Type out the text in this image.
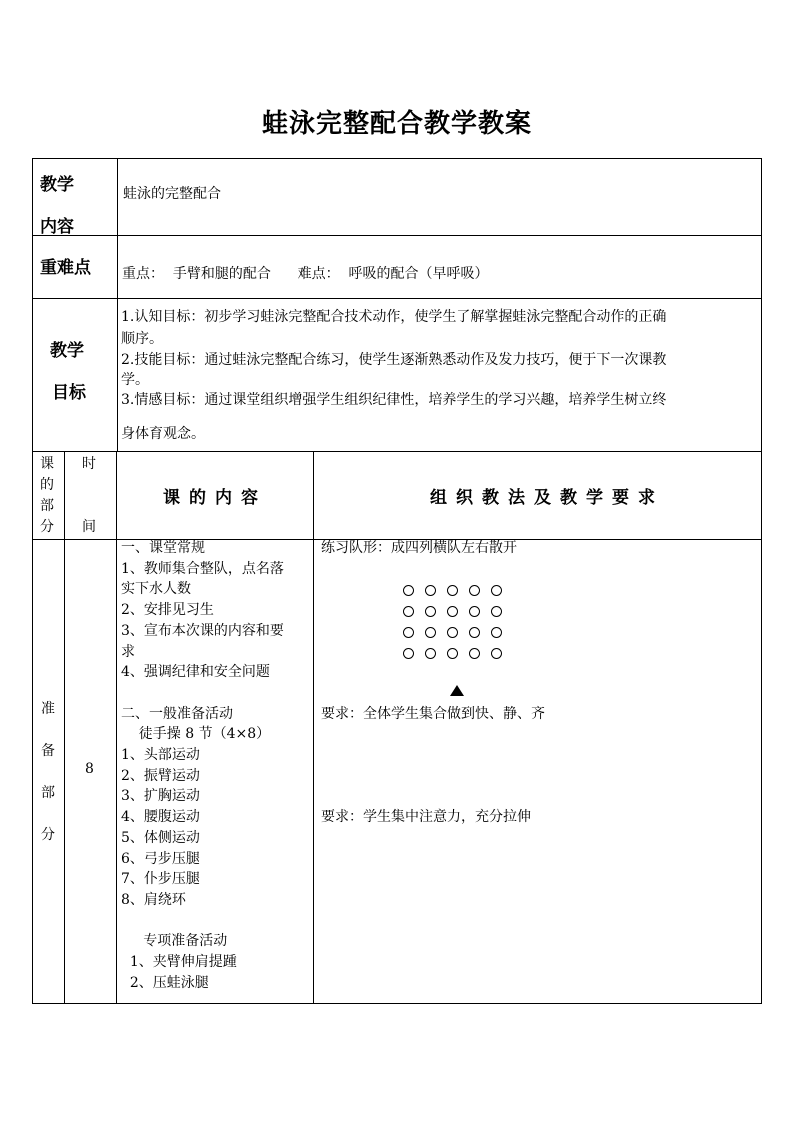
蛙泳完整配合教学教案
教学
内容
蛙泳的完整配合
重难点 重点：  手臂和腿的配合      难点：  呼吸的配合（早呼吸）
教学
目标
1.认知目标：初步学习蛙泳完整配合技术动作，使学生了解掌握蛙泳完整配合动作的正确
顺序。
2.技能目标：通过蛙泳完整配合练习，使学生逐渐熟悉动作及发力技巧，便于下一次课教
学。
3.情感目标：通过课堂组织增强学生组织纪律性，培养学生的学习兴趣，培养学生树立终
身体育观念。
课
的
部
分
时
间
课的内容	组织教法及教学要求
准
备
部
分
8
一、课堂常规
1、教师集合整队，点名落
实下水人数
2、安排见习生
3、宣布本次课的内容和要
求
4、强调纪律和安全问题
二、一般准备活动
徒手操 8 节（4×8）
1、头部运动
2、振臂运动
3、扩胸运动
4、腰腹运动
5、体侧运动
6、弓步压腿
7、仆步压腿
8、肩绕环
专项准备活动
1、夹臂伸肩提踵
2、压蛙泳腿
练习队形：成四列横队左右散开
要求：全体学生集合做到快、静、齐
要求：学生集中注意力，充分拉伸
